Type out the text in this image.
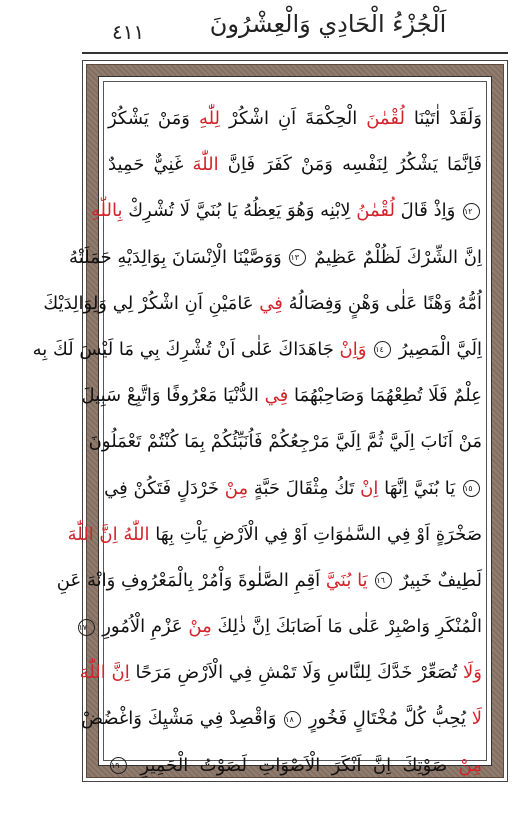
٤١١	اَلْجُزْءُ الْحَادِي وَالْعِشْرُونَ
وَلَقَدْ اٰتَيْنَا لُقْمٰنَ الْحِكْمَةَ اَنِ اشْكُرْ لِلّٰهِ وَمَنْ يَشْكُرْ
فَاِنَّمَا يَشْكُرُ لِنَفْسِه وَمَنْ كَفَرَ فَاِنَّ اللّٰهَ غَنِيٌّ حَمِيدٌ
١٢ وَاِذْ قَالَ لُقْمٰنُ لِابْنِه وَهُوَ يَعِظُهُ يَا بُنَيَّ لَا تُشْرِكْ بِاللّٰهِ
اِنَّ الشِّرْكَ لَظُلْمٌ عَظِيمٌ ١٣ وَوَصَّيْنَا الْاِنْسَانَ بِوَالِدَيْهِ حَمَلَتْهُ
اُمُّهُ وَهْنًا عَلٰى وَهْنٍ وَفِصَالُهُ فِي عَامَيْنِ اَنِ اشْكُرْ لِي وَلِوَالِدَيْكَ
اِلَيَّ الْمَصِيرُ ١٤ وَاِنْ جَاهَدَاكَ عَلٰى اَنْ تُشْرِكَ بِي مَا لَيْسَ لَكَ بِه
عِلْمٌ فَلَا تُطِعْهُمَا وَصَاحِبْهُمَا فِي الدُّنْيَا مَعْرُوفًا وَاتَّبِعْ سَبِيلَ
مَنْ اَنَابَ اِلَيَّ ثُمَّ اِلَيَّ مَرْجِعُكُمْ فَاُنَبِّئُكُمْ بِمَا كُنْتُمْ تَعْمَلُونَ
١٥ يَا بُنَيَّ اِنَّهَا اِنْ تَكُ مِثْقَالَ حَبَّةٍ مِنْ خَرْدَلٍ فَتَكُنْ فِي
صَخْرَةٍ اَوْ فِي السَّمٰوَاتِ اَوْ فِي الْاَرْضِ يَاْتِ بِهَا اللّٰهُ اِنَّ اللّٰهَ
لَطِيفٌ خَبِيرٌ ١٦ يَا بُنَيَّ اَقِمِ الصَّلٰوةَ وَاْمُرْ بِالْمَعْرُوفِ وَانْهَ عَنِ
الْمُنْكَرِ وَاصْبِرْ عَلٰى مَا اَصَابَكَ اِنَّ ذٰلِكَ مِنْ عَزْمِ الْاُمُورِ ١٧
وَلَا تُصَعِّرْ خَدَّكَ لِلنَّاسِ وَلَا تَمْشِ فِي الْاَرْضِ مَرَحًا اِنَّ اللّٰهَ
لَا يُحِبُّ كُلَّ مُخْتَالٍ فَخُورٍ ١٨ وَاقْصِدْ فِي مَشْيِكَ وَاغْضُضْ
مِنْ صَوْتِكَ اِنَّ اَنْكَرَ الْاَصْوَاتِ لَصَوْتُ الْحَمِيرِ ١٩
